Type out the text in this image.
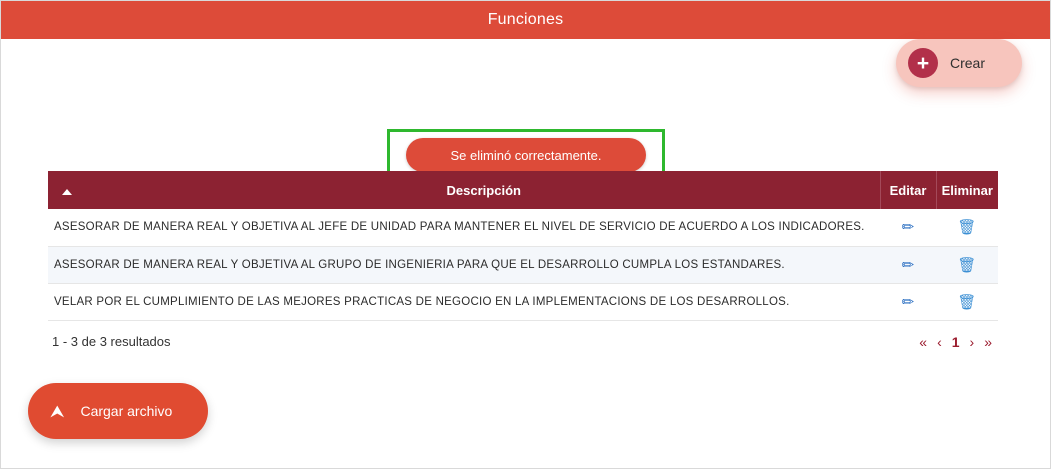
Funciones
+	Crear
Se eliminó correctamente.
	Descripción	Editar	Eliminar
ASESORAR DE MANERA REAL Y OBJETIVA AL JEFE DE UNIDAD PARA MANTENER EL NIVEL DE SERVICIO DE ACUERDO A LOS INDICADORES.		✏	🗑
ASESORAR DE MANERA REAL Y OBJETIVA AL GRUPO DE INGENIERIA PARA QUE EL DESARROLLO CUMPLA LOS ESTANDARES.		✏	🗑
VELAR POR EL CUMPLIMIENTO DE LAS MEJORES PRACTICAS DE NEGOCIO EN LA IMPLEMENTACIONS DE LOS DESARROLLOS.		✏	🗑
1 - 3 de 3 resultados	« ‹ 1 › »
⮝ Cargar archivo
